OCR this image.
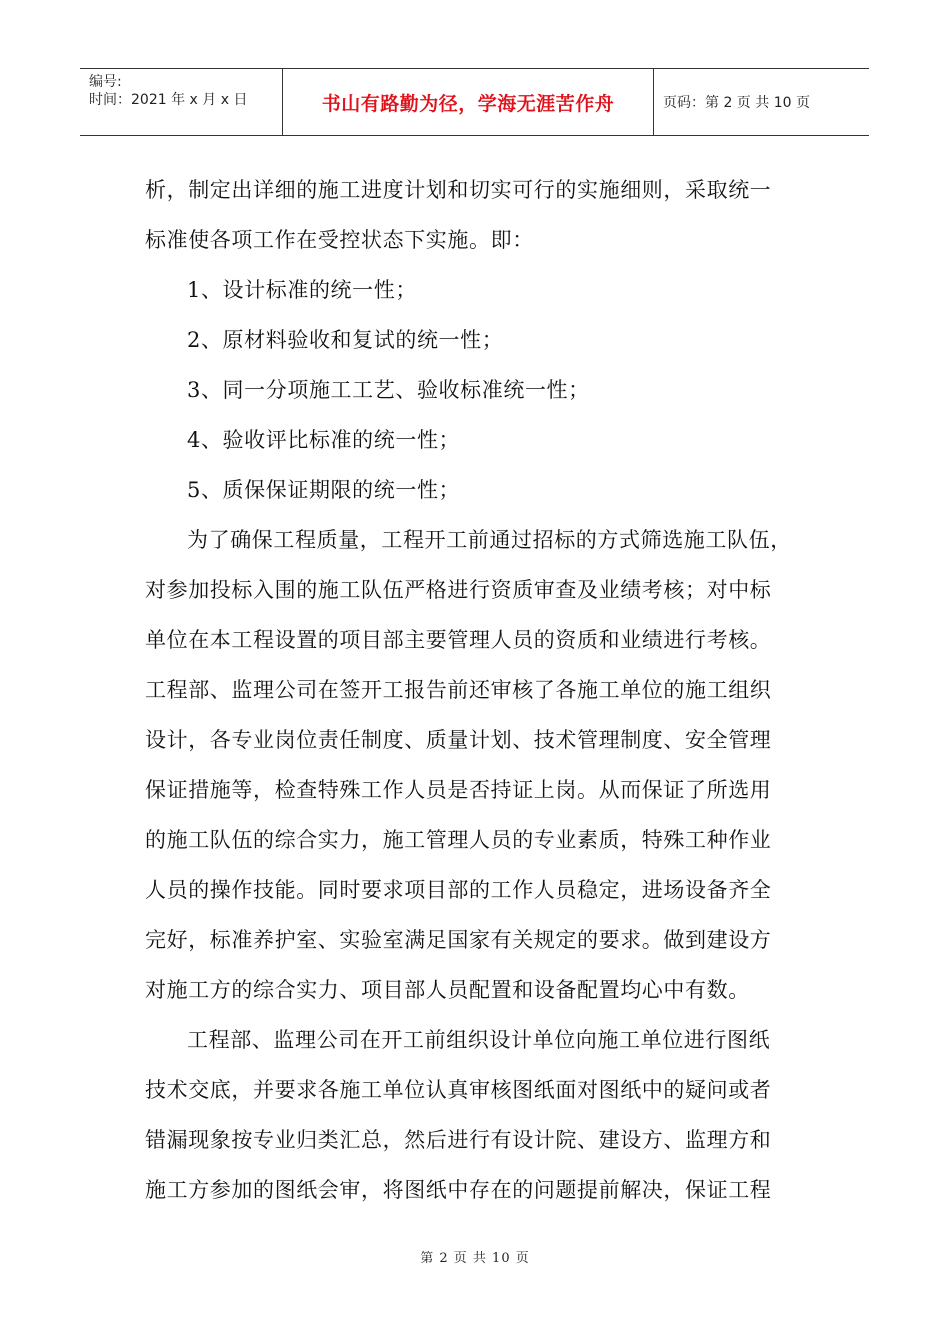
编号:
时间：2021 年 x 月 x 日	书山有路勤为径，学海无涯苦作舟	页码：第 2 页 共 10 页
析，制定出详细的施工进度计划和切实可行的实施细则，采取统一
标准使各项工作在受控状态下实施。即：
1、设计标准的统一性；
2、原材料验收和复试的统一性；
3、同一分项施工工艺、验收标准统一性；
4、验收评比标准的统一性；
5、质保保证期限的统一性；
为了确保工程质量，工程开工前通过招标的方式筛选施工队伍，
对参加投标入围的施工队伍严格进行资质审查及业绩考核；对中标
单位在本工程设置的项目部主要管理人员的资质和业绩进行考核。
工程部、监理公司在签开工报告前还审核了各施工单位的施工组织
设计，各专业岗位责任制度、质量计划、技术管理制度、安全管理
保证措施等，检查特殊工作人员是否持证上岗。从而保证了所选用
的施工队伍的综合实力，施工管理人员的专业素质，特殊工种作业
人员的操作技能。同时要求项目部的工作人员稳定，进场设备齐全
完好，标准养护室、实验室满足国家有关规定的要求。做到建设方
对施工方的综合实力、项目部人员配置和设备配置均心中有数。
工程部、监理公司在开工前组织设计单位向施工单位进行图纸
技术交底，并要求各施工单位认真审核图纸面对图纸中的疑问或者
错漏现象按专业归类汇总，然后进行有设计院、建设方、监理方和
施工方参加的图纸会审，将图纸中存在的问题提前解决，保证工程
第 2 页 共 10 页
